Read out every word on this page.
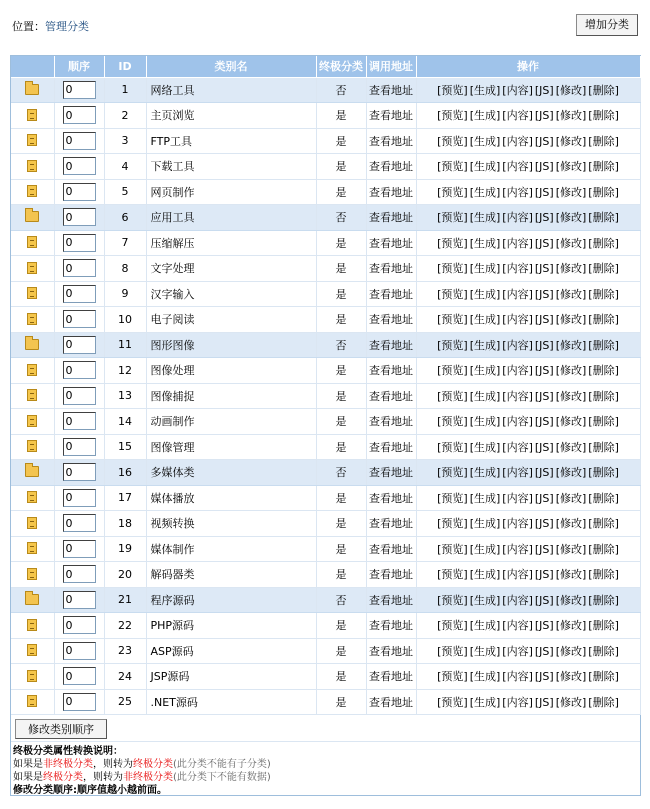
位置：管理分类	增加分类
	顺序	ID	类别名	终极分类	调用地址	操作
	0	1	网络工具	否	查看地址	[预览] [生成] [内容] [JS] [修改] [删除]
	0	2	主页浏览	是	查看地址	[预览] [生成] [内容] [JS] [修改] [删除]
	0	3	FTP工具	是	查看地址	[预览] [生成] [内容] [JS] [修改] [删除]
	0	4	下载工具	是	查看地址	[预览] [生成] [内容] [JS] [修改] [删除]
	0	5	网页制作	是	查看地址	[预览] [生成] [内容] [JS] [修改] [删除]
	0	6	应用工具	否	查看地址	[预览] [生成] [内容] [JS] [修改] [删除]
	0	7	压缩解压	是	查看地址	[预览] [生成] [内容] [JS] [修改] [删除]
	0	8	文字处理	是	查看地址	[预览] [生成] [内容] [JS] [修改] [删除]
	0	9	汉字输入	是	查看地址	[预览] [生成] [内容] [JS] [修改] [删除]
	0	10	电子阅读	是	查看地址	[预览] [生成] [内容] [JS] [修改] [删除]
	0	11	图形图像	否	查看地址	[预览] [生成] [内容] [JS] [修改] [删除]
	0	12	图像处理	是	查看地址	[预览] [生成] [内容] [JS] [修改] [删除]
	0	13	图像捕捉	是	查看地址	[预览] [生成] [内容] [JS] [修改] [删除]
	0	14	动画制作	是	查看地址	[预览] [生成] [内容] [JS] [修改] [删除]
	0	15	图像管理	是	查看地址	[预览] [生成] [内容] [JS] [修改] [删除]
	0	16	多媒体类	否	查看地址	[预览] [生成] [内容] [JS] [修改] [删除]
	0	17	媒体播放	是	查看地址	[预览] [生成] [内容] [JS] [修改] [删除]
	0	18	视频转换	是	查看地址	[预览] [生成] [内容] [JS] [修改] [删除]
	0	19	媒体制作	是	查看地址	[预览] [生成] [内容] [JS] [修改] [删除]
	0	20	解码器类	是	查看地址	[预览] [生成] [内容] [JS] [修改] [删除]
	0	21	程序源码	否	查看地址	[预览] [生成] [内容] [JS] [修改] [删除]
	0	22	PHP源码	是	查看地址	[预览] [生成] [内容] [JS] [修改] [删除]
	0	23	ASP源码	是	查看地址	[预览] [生成] [内容] [JS] [修改] [删除]
	0	24	JSP源码	是	查看地址	[预览] [生成] [内容] [JS] [修改] [删除]
	0	25	.NET源码	是	查看地址	[预览] [生成] [内容] [JS] [修改] [删除]
修改类别顺序
终极分类属性转换说明：
如果是非终极分类，则转为终极分类(此分类不能有子分类)
如果是终极分类，则转为非终极分类(此分类下不能有数据)
修改分类顺序:顺序值越小越前面。
